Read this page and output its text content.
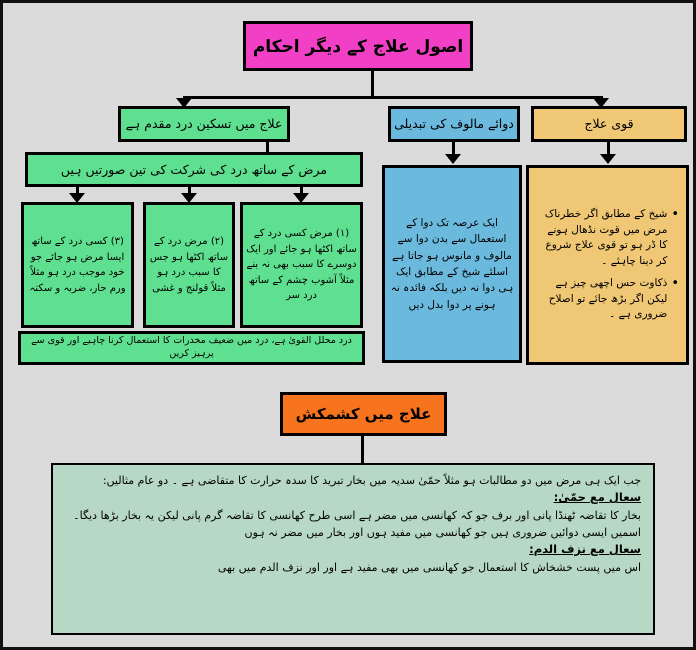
اصول علاج کے دیگر احکام
علاج میں تسکین درد مقدم ہے
مرض کے ساتھ درد کی شرکت کی تین صورتیں ہیں
(۱) مرض کسی درد کے ساتھ اکٹھا ہو جائے اور ایک دوسرے کا سبب بھی نہ بنے مثلاً آشوب چشم کے ساتھ درد سر
(۲) مرض درد کے ساتھ اکٹھا ہو جس کا سبب درد ہو مثلاً قولنج و غشی
(۳) کسی درد کے ساتھ ایسا مرض ہو جائے جو خود موجب درد ہو مثلاً ورم حار، ضربہ و سکتہ
درد محلل القویٰ ہے، درد میں ضعیف مخدرات کا استعمال کرنا چاہیے اور قوی سے پرہیز کریں
دوائے مالوف کی تبدیلی
ایک عرصہ تک دوا کے استعمال سے بدن دوا سے مالوف و مانوس ہو جاتا ہے اسلئے شیخ کے مطابق ایک ہی دوا نہ دیں بلکہ فائدہ نہ ہونے پر دوا بدل دیں
قوی علاج
•
شیخ کے مطابق اگر خطرناک مرض میں قوت نڈھال ہونے کا ڈر ہو تو قوی علاج شروع کر دینا چاہئے ۔
•
ذکاوت حس اچھی چیز ہے لیکن اگر بڑھ جائے تو اصلاح ضروری ہے ۔
علاج میں کشمکش
جب ایک ہی مرض میں دو مطالبات ہو مثلاً حمّیٰ سدیہ میں بخار تبرید کا سدہ حرارت کا متقاضی ہے ۔ دو عام مثالیں:
سعال مع حمّیٰ:
بخار کا تقاضہ ٹھنڈا پانی اور برف جو کہ کھانسی میں مضر ہے اسی طرح کھانسی کا تقاضہ گرم پانی لیکن یہ بخار بڑھا دیگا۔ اسمیں ایسی دوائیں ضروری ہیں جو کھانسی میں مفید ہوں اور بخار میں مضر نہ ہوں
سعال مع نزف الدم:
اس میں پست خشخاش کا استعمال جو کھانسی میں بھی مفید ہے اور اور نزف الدم میں بھی
